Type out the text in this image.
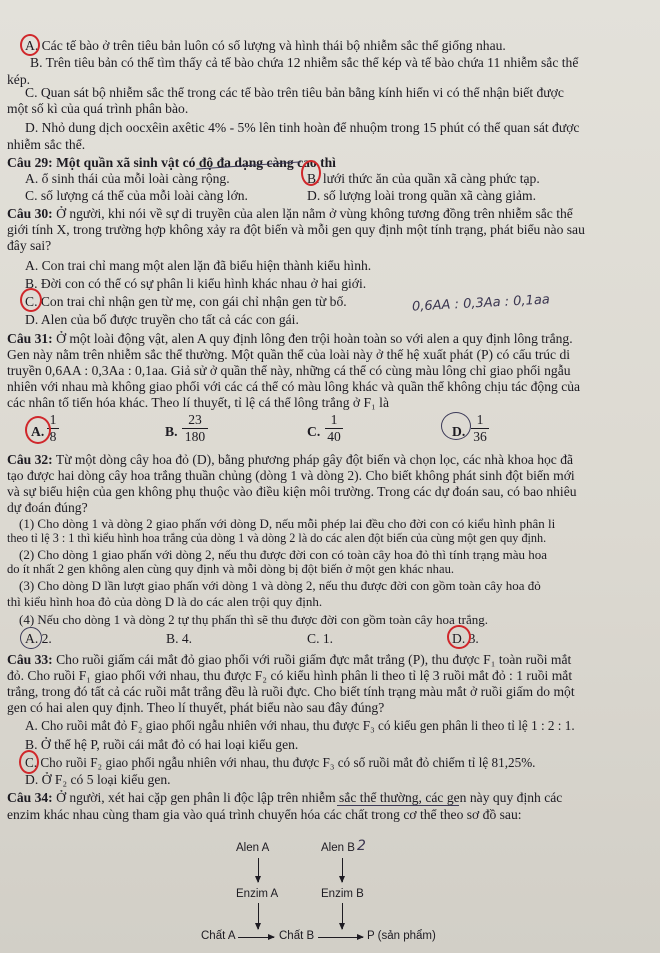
A. Các tế bào ở trên tiêu bản luôn có số lượng và hình thái bộ nhiễm sắc thể giống nhau.
B. Trên tiêu bản có thể tìm thấy cả tế bào chứa 12 nhiễm sắc thể kép và tế bào chứa 11 nhiễm sắc thể
kép.
C. Quan sát bộ nhiễm sắc thể trong các tế bào trên tiêu bản bằng kính hiển vi có thể nhận biết được
một số kì của quá trình phân bào.
D. Nhỏ dung dịch oocxêin axêtic 4% - 5% lên tinh hoàn để nhuộm trong 15 phút có thể quan sát được
nhiễm sắc thể.
Câu 29: Một quần xã sinh vật có độ đa dạng càng cao thì
A. ổ sinh thái của mỗi loài càng rộng.	B. lưới thức ăn của quần xã càng phức tạp.
C. số lượng cá thể của mỗi loài càng lớn.	D. số lượng loài trong quần xã càng giảm.
Câu 30: Ở người, khi nói về sự di truyền của alen lặn nằm ở vùng không tương đồng trên nhiễm sắc thể
giới tính X, trong trường hợp không xảy ra đột biến và mỗi gen quy định một tính trạng, phát biểu nào sau
đây sai?
A. Con trai chỉ mang một alen lặn đã biểu hiện thành kiểu hình.
B. Đời con có thể có sự phân li kiểu hình khác nhau ở hai giới.
C. Con trai chỉ nhận gen từ mẹ, con gái chỉ nhận gen từ bố.
D. Alen của bố được truyền cho tất cả các con gái.
0,6AA : 0,3Aa : 0,1aa
Câu 31: Ở một loài động vật, alen A quy định lông đen trội hoàn toàn so với alen a quy định lông trắng.
Gen này nằm trên nhiễm sắc thể thường. Một quần thể của loài này ở thế hệ xuất phát (P) có cấu trúc di
truyền 0,6AA : 0,3Aa : 0,1aa. Giả sử ở quần thể này, những cá thể có cùng màu lông chỉ giao phối ngẫu
nhiên với nhau mà không giao phối với các cá thể có màu lông khác và quần thể không chịu tác động của
các nhân tố tiến hóa khác. Theo lí thuyết, tỉ lệ cá thể lông trắng ở F₁ là
A.
1
8	B.
23
180	C.
1
40	D.
1
36
Câu 32: Từ một dòng cây hoa đỏ (D), bằng phương pháp gây đột biến và chọn lọc, các nhà khoa học đã
tạo được hai dòng cây hoa trắng thuần chủng (dòng 1 và dòng 2). Cho biết không phát sinh đột biến mới
và sự biểu hiện của gen không phụ thuộc vào điều kiện môi trường. Trong các dự đoán sau, có bao nhiêu
dự đoán đúng?
(1) Cho dòng 1 và dòng 2 giao phấn với dòng D, nếu mỗi phép lai đều cho đời con có kiểu hình phân li
theo tỉ lệ 3 : 1 thì kiểu hình hoa trắng của dòng 1 và dòng 2 là do các alen đột biến của cùng một gen quy định.
(2) Cho dòng 1 giao phấn với dòng 2, nếu thu được đời con có toàn cây hoa đỏ thì tính trạng màu hoa
do ít nhất 2 gen không alen cùng quy định và mỗi dòng bị đột biến ở một gen khác nhau.
(3) Cho dòng D lần lượt giao phấn với dòng 1 và dòng 2, nếu thu được đời con gồm toàn cây hoa đỏ
thì kiểu hình hoa đỏ của dòng D là do các alen trội quy định.
(4) Nếu cho dòng 1 và dòng 2 tự thụ phấn thì sẽ thu được đời con gồm toàn cây hoa trắng.
A. 2.	B. 4.	C. 1.	D. 3.
Câu 33: Cho ruồi giấm cái mắt đỏ giao phối với ruồi giấm đực mắt trắng (P), thu được F₁ toàn ruồi mắt
đỏ. Cho ruồi F₁ giao phối với nhau, thu được F₂ có kiểu hình phân li theo tỉ lệ 3 ruồi mắt đỏ : 1 ruồi mắt
trắng, trong đó tất cả các ruồi mắt trắng đều là ruồi đực. Cho biết tính trạng màu mắt ở ruồi giấm do một
gen có hai alen quy định. Theo lí thuyết, phát biểu nào sau đây đúng?
A. Cho ruồi mắt đỏ F₂ giao phối ngẫu nhiên với nhau, thu được F₃ có kiểu gen phân li theo tỉ lệ 1 : 2 : 1.
B. Ở thế hệ P, ruồi cái mắt đỏ có hai loại kiểu gen.
C. Cho ruồi F₂ giao phối ngẫu nhiên với nhau, thu được F₃ có số ruồi mắt đỏ chiếm tỉ lệ 81,25%.
D. Ở F₂ có 5 loại kiểu gen.
Câu 34: Ở người, xét hai cặp gen phân li độc lập trên nhiễm sắc thể thường, các gen này quy định các
enzim khác nhau cùng tham gia vào quá trình chuyển hóa các chất trong cơ thể theo sơ đồ sau:
Alen A	Alen B 2
Enzim A	Enzim B
Chất A	Chất B	P (sản phẩm)
